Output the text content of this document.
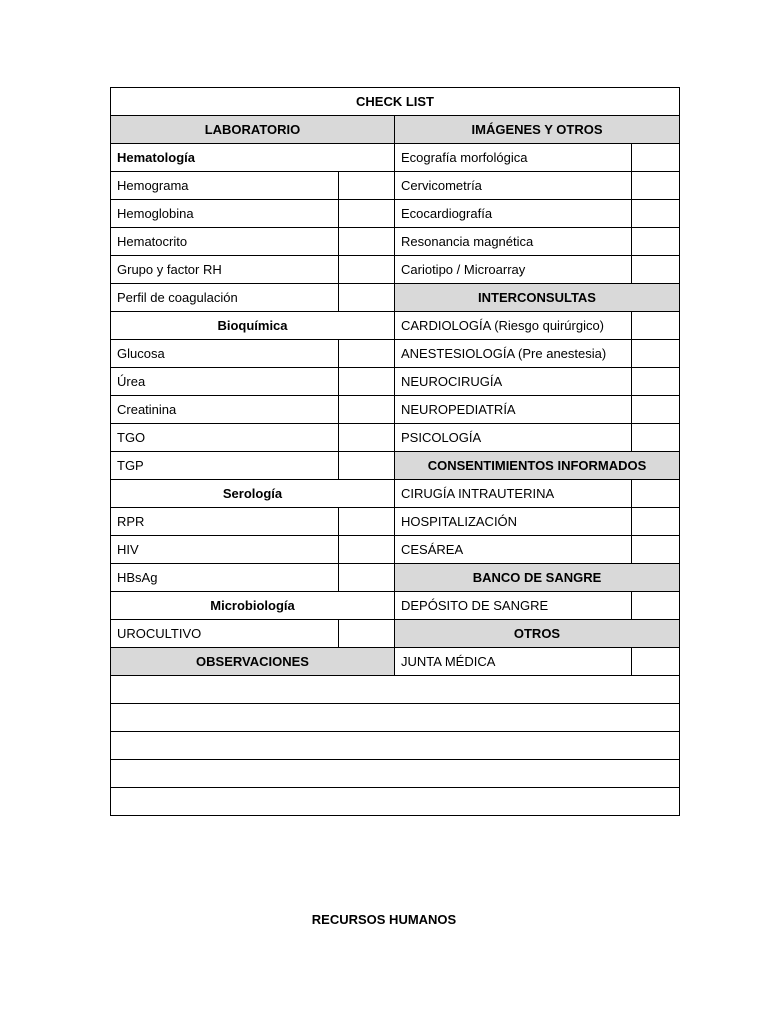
CHECK LIST			
LABORATORIO		IMÁGENES Y OTROS	
Hematología		Ecografía morfológica	
Hemograma		Cervicometría	
Hemoglobina		Ecocardiografía	
Hematocrito		Resonancia magnética	
Grupo y factor RH		Cariotipo / Microarray	
Perfil de coagulación		INTERCONSULTAS	
Bioquímica		CARDIOLOGÍA (Riesgo quirúrgico)	
Glucosa		ANESTESIOLOGÍA (Pre anestesia)	
Úrea		NEUROCIRUGÍA	
Creatinina		NEUROPEDIATRÍA	
TGO		PSICOLOGÍA	
TGP		CONSENTIMIENTOS INFORMADOS	
Serología		CIRUGÍA INTRAUTERINA	
RPR		HOSPITALIZACIÓN	
HIV		CESÁREA	
HBsAg		BANCO DE SANGRE	
Microbiología		DEPÓSITO DE SANGRE	
UROCULTIVO		OTROS	
OBSERVACIONES		JUNTA MÉDICA	

RECURSOS HUMANOS
